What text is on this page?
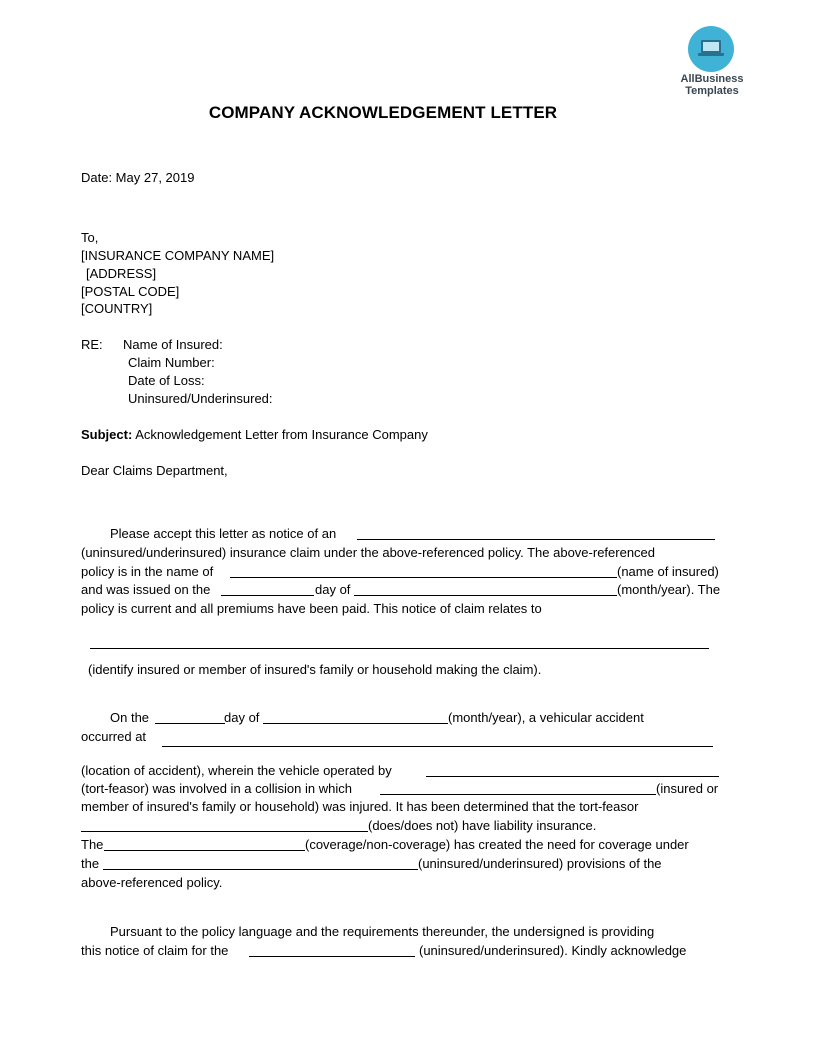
AllBusiness
Templates
COMPANY ACKNOWLEDGEMENT LETTER
Date: May 27, 2019
To,
[INSURANCE COMPANY NAME]
[ADDRESS]
[POSTAL CODE]
[COUNTRY]
RE: Name of Insured:
Claim Number:
Date of Loss:
Uninsured/Underinsured:
Subject: Acknowledgement Letter from Insurance Company
Dear Claims Department,
Please accept this letter as notice of an
(uninsured/underinsured) insurance claim under the above-referenced policy. The above-referenced
policy is in the name of	(name of insured)
and was issued on the	day of	(month/year). The
policy is current and all premiums have been paid. This notice of claim relates to
(identify insured or member of insured's family or household making the claim).
On the	day of	(month/year), a vehicular accident
occurred at
(location of accident), wherein the vehicle operated by
(tort-feasor) was involved in a collision in which	(insured or
member of insured's family or household) was injured. It has been determined that the tort-feasor
(does/does not) have liability insurance.
The	(coverage/non-coverage) has created the need for coverage under
the	(uninsured/underinsured) provisions of the
above-referenced policy.
Pursuant to the policy language and the requirements thereunder, the undersigned is providing
this notice of claim for the	(uninsured/underinsured). Kindly acknowledge
